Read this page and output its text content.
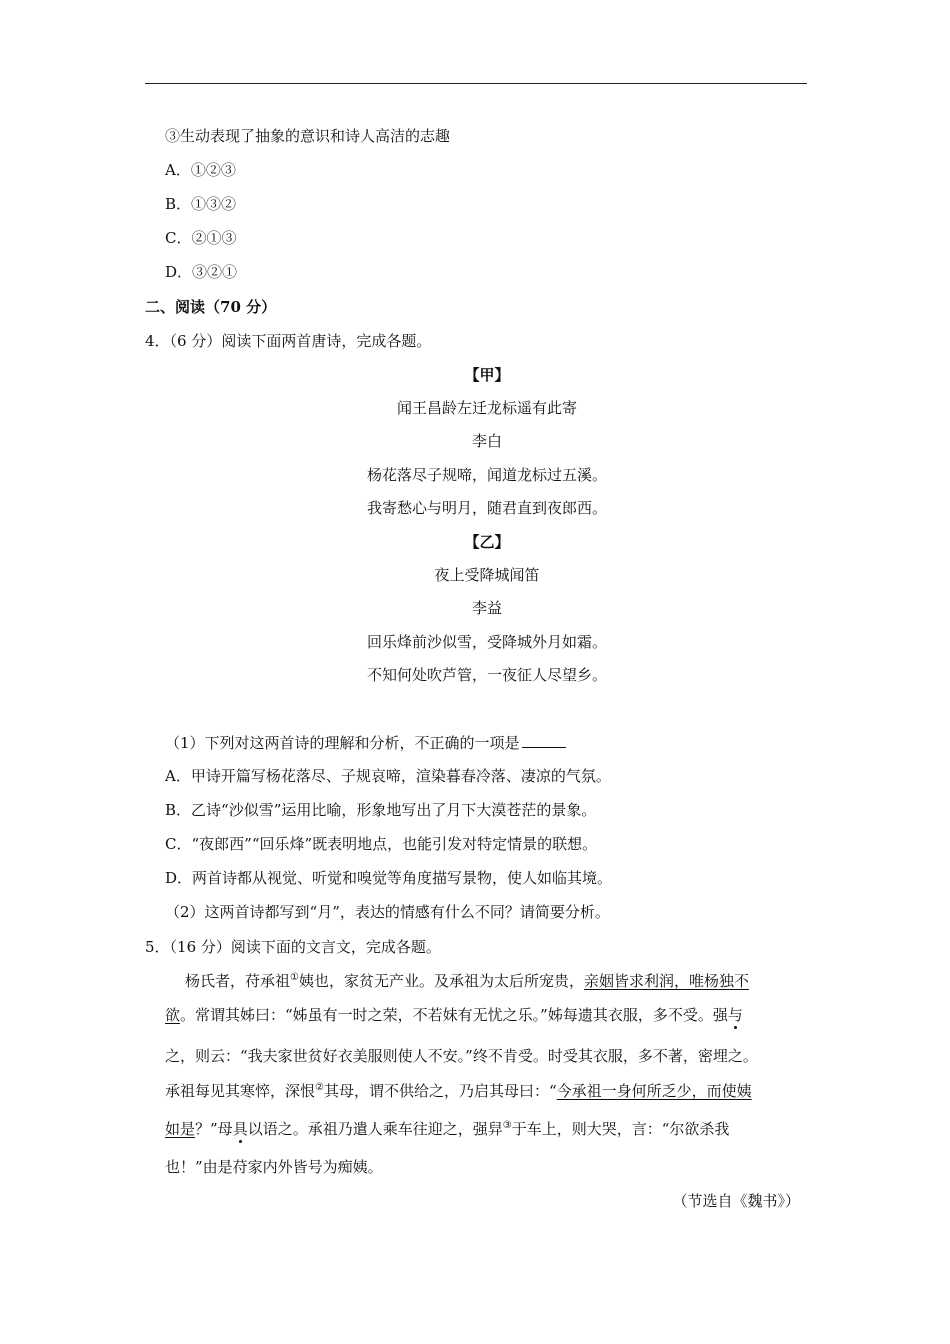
③生动表现了抽象的意识和诗人高洁的志趣
A．①②③
B．①③②
C．②①③
D．③②①
二、阅读（70 分）
4．（6 分）阅读下面两首唐诗，完成各题。
【甲】
闻王昌龄左迁龙标遥有此寄
李白
杨花落尽子规啼，闻道龙标过五溪。
我寄愁心与明月，随君直到夜郎西。
【乙】
夜上受降城闻笛
李益
回乐烽前沙似雪，受降城外月如霜。
不知何处吹芦管，一夜征人尽望乡。
（1）下列对这两首诗的理解和分析，不正确的一项是
A．甲诗开篇写杨花落尽、子规哀啼，渲染暮春冷落、凄凉的气氛。
B．乙诗“沙似雪”运用比喻，形象地写出了月下大漠苍茫的景象。
C．“夜郎西”“回乐烽”既表明地点，也能引发对特定情景的联想。
D．两首诗都从视觉、听觉和嗅觉等角度描写景物，使人如临其境。
（2）这两首诗都写到“月”，表达的情感有什么不同？请简要分析。
5．（16 分）阅读下面的文言文，完成各题。
杨氏者，苻承祖①姨也，家贫无产业。及承祖为太后所宠贵，亲姻皆求利润，唯杨独不
欲。常谓其姊曰：“姊虽有一时之荣，不若妹有无忧之乐。”姊每遗其衣服，多不受。强与
之，则云：“我夫家世贫好衣美服则使人不安。”终不肯受。时受其衣服，多不著，密埋之。
承祖每见其寒悴，深恨②其母，谓不供给之，乃启其母曰：“今承祖一身何所乏少，而使姨
如是？”母具以语之。承祖乃遣人乘车往迎之，强舁③于车上，则大哭，言：“尔欲杀我
也！”由是苻家内外皆号为痴姨。
（节选自《魏书》）
